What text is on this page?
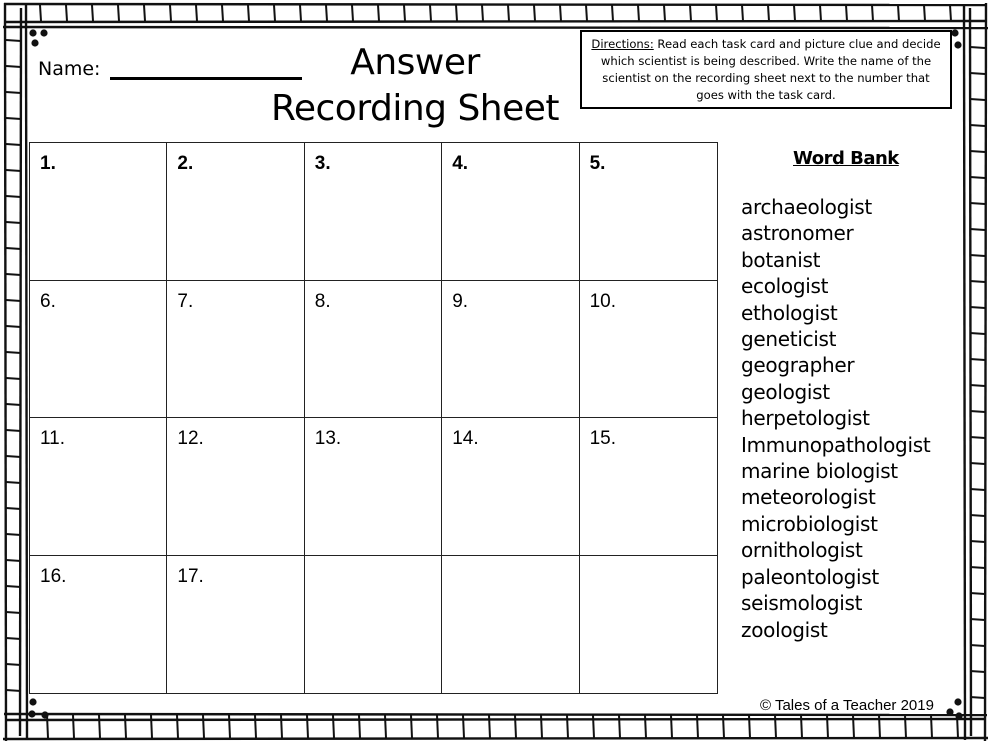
Name:	Answer
Recording Sheet
Directions: Read each task card and picture clue and decide which scientist is being described. Write the name of the scientist on the recording sheet next to the number that goes with the task card.
1.	2.	3.	4.	5.
6.	7.	8.	9.	10.
11.	12.	13.	14.	15.
16.	17.
Word Bank
archaeologist
astronomer
botanist
ecologist
ethologist
geneticist
geographer
geologist
herpetologist
Immunopathologist
marine biologist
meteorologist
microbiologist
ornithologist
paleontologist
seismologist
zoologist
© Tales of a Teacher 2019
